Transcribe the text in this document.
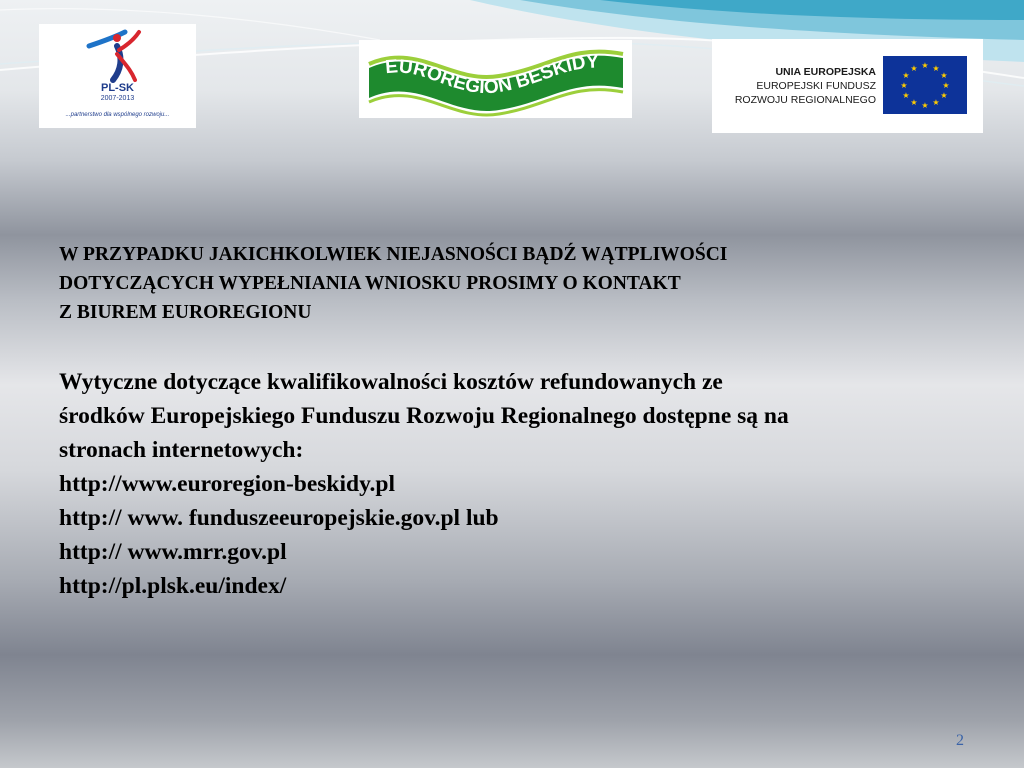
PL-SK
2007-2013
...partnerstwo dla wspólnego rozwoju...
EUROREGION BESKIDY	UNIA EUROPEJSKA
EUROPEJSKI FUNDUSZ
ROZWOJU REGIONALNEGO
★ ★
★
★
★
★
★
★
★
★
★
★
W PRZYPADKU JAKICHKOLWIEK NIEJASNOŚCI BĄDŹ WĄTPLIWOŚCI
DOTYCZĄCYCH WYPEŁNIANIA WNIOSKU PROSIMY O KONTAKT
Z BIUREM EUROREGIONU
Wytyczne dotyczące kwalifikowalności kosztów refundowanych ze
środków Europejskiego Funduszu Rozwoju Regionalnego dostępne są na
stronach internetowych:
http://www.euroregion-beskidy.pl
http:// www. funduszeeuropejskie.gov.pl lub
http:// www.mrr.gov.pl
http://pl.plsk.eu/index/
2
